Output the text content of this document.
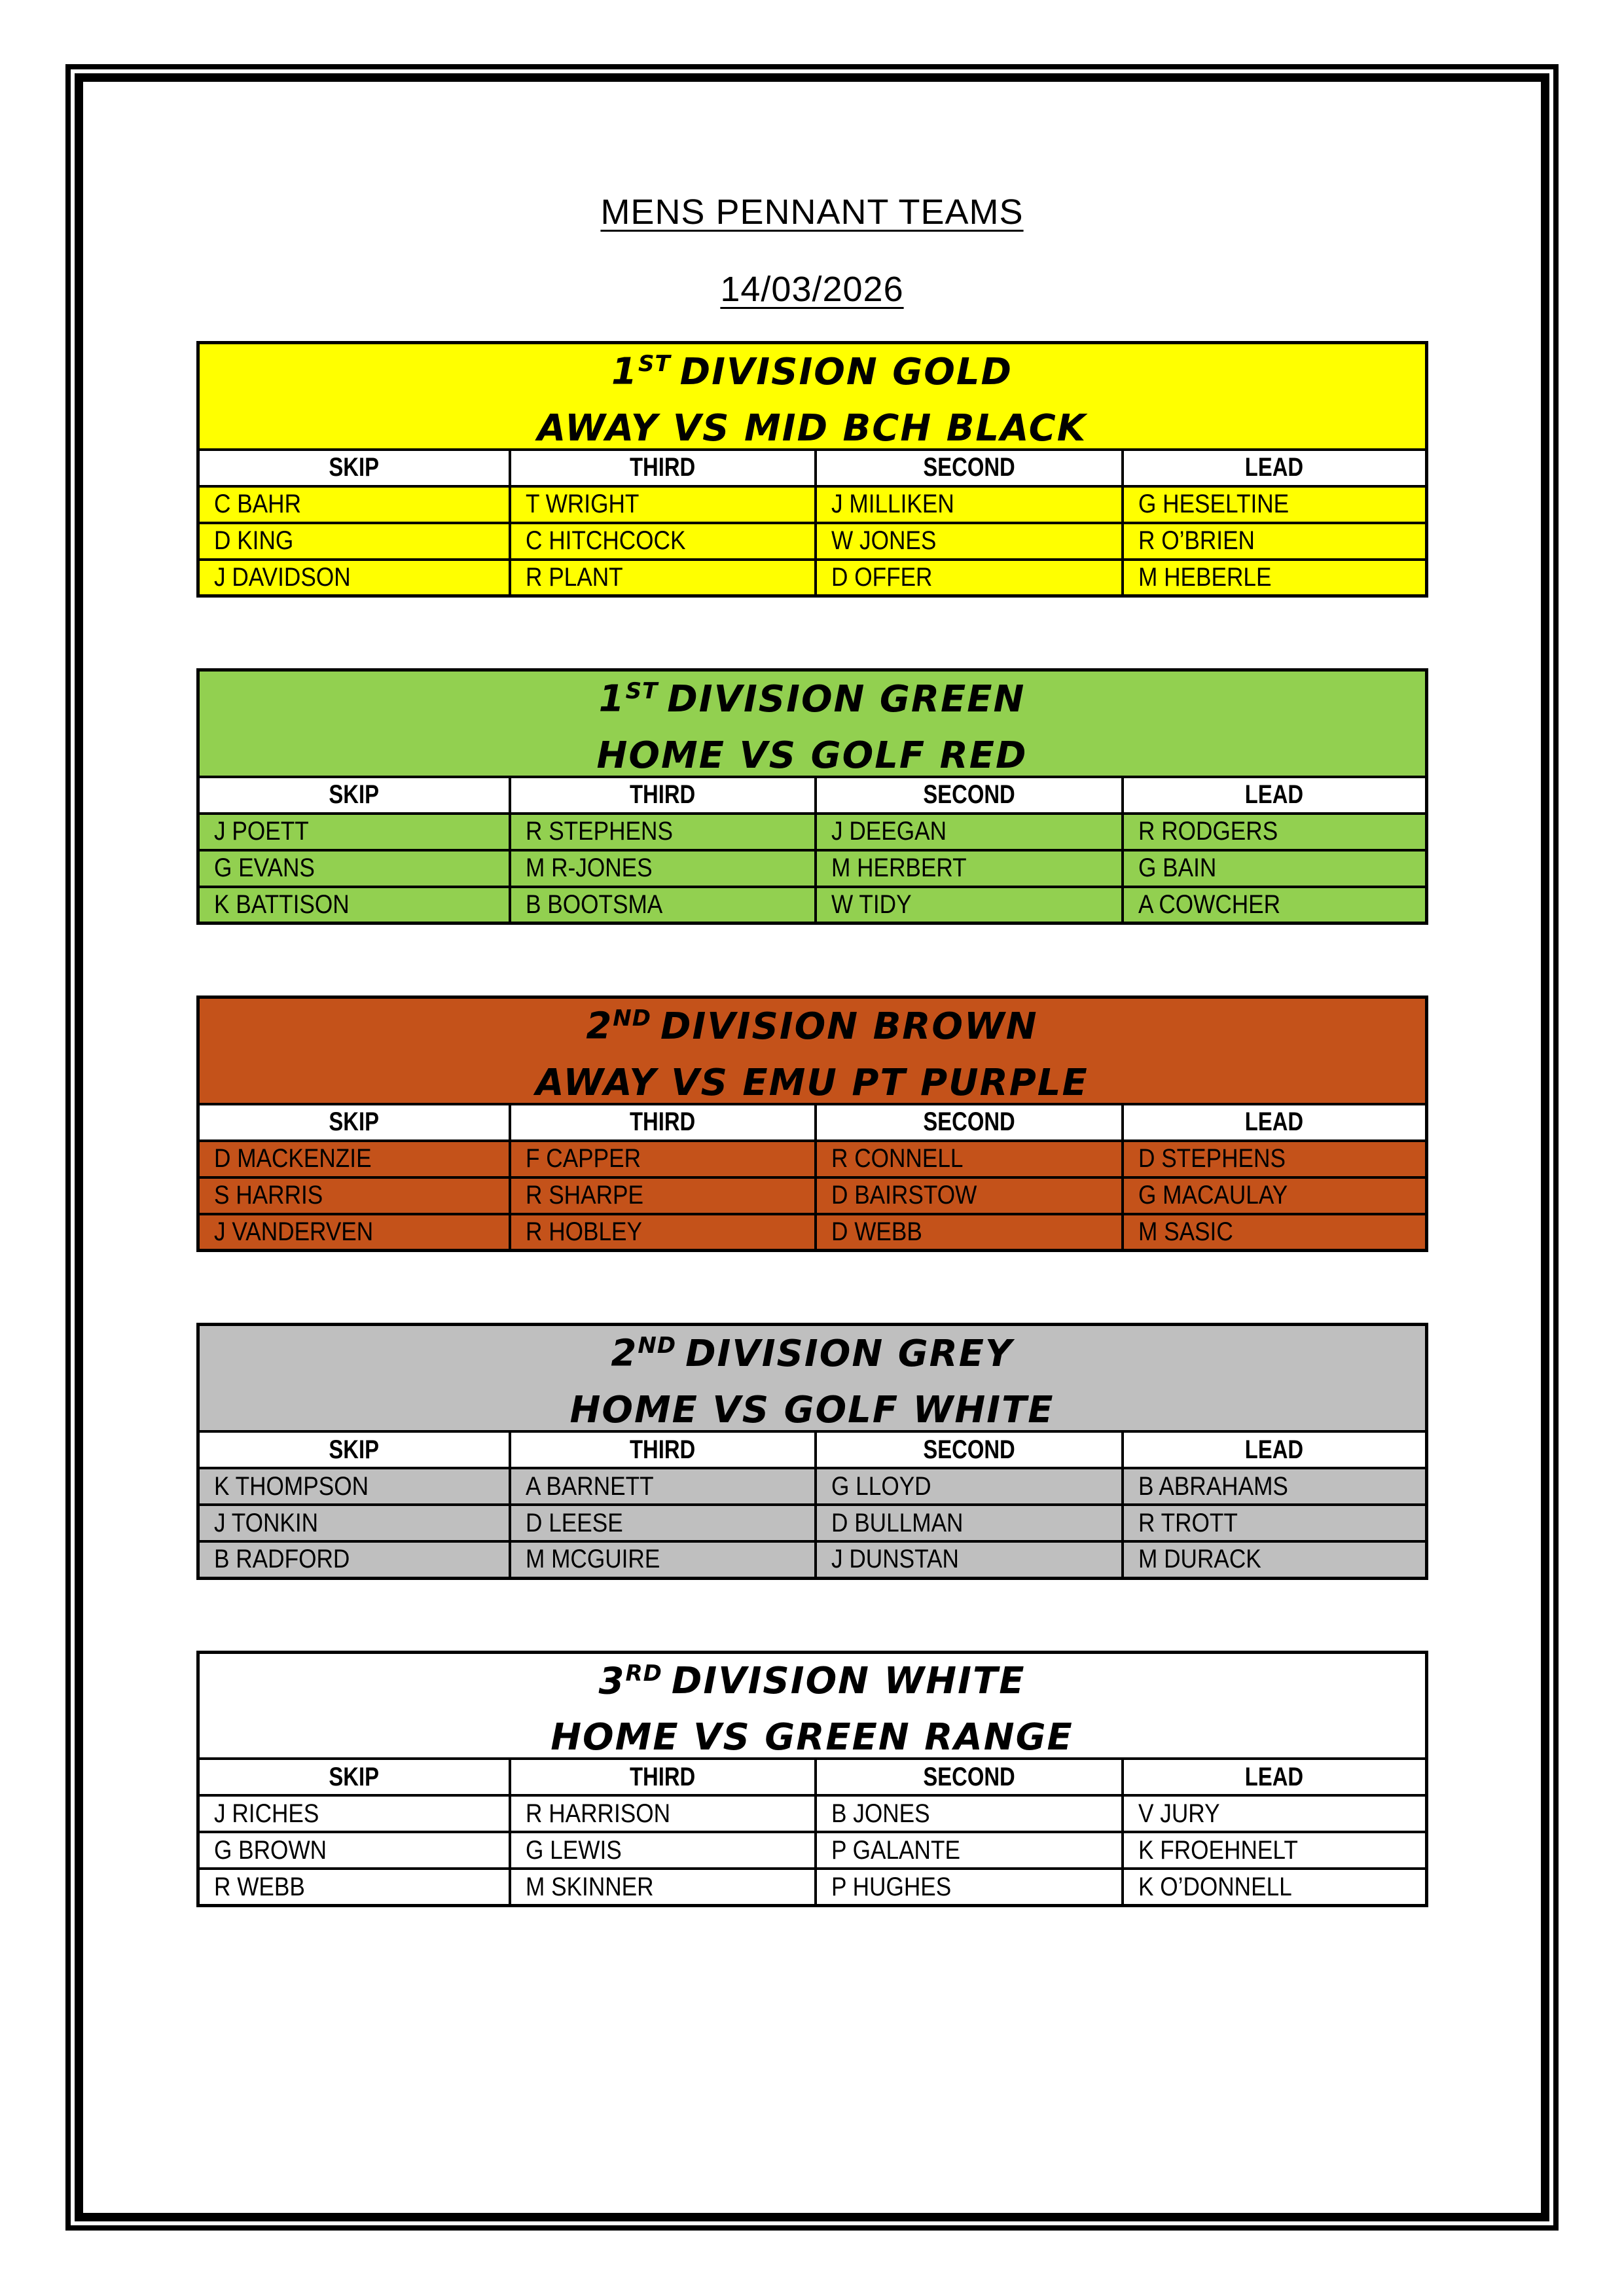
MENS PENNANT TEAMS
14/03/2026
1ST DIVISION GOLD
AWAY VS MID BCH BLACK			

SKIP	THIRD	SECOND	LEAD
C BAHR	T WRIGHT	J MILLIKEN	G HESELTINE
D KING	C HITCHCOCK	W JONES	R O’BRIEN
J DAVIDSON	R PLANT	D OFFER	M HEBERLE
1ST DIVISION GREEN
HOME VS GOLF RED			

SKIP	THIRD	SECOND	LEAD
J POETT	R STEPHENS	J DEEGAN	R RODGERS
G EVANS	M R-JONES	M HERBERT	G BAIN
K BATTISON	B BOOTSMA	W TIDY	A COWCHER
2ND DIVISION BROWN
AWAY VS EMU PT PURPLE			

SKIP	THIRD	SECOND	LEAD
D MACKENZIE	F CAPPER	R CONNELL	D STEPHENS
S HARRIS	R SHARPE	D BAIRSTOW	G MACAULAY
J VANDERVEN	R HOBLEY	D WEBB	M SASIC
2ND DIVISION GREY
HOME VS GOLF WHITE			

SKIP	THIRD	SECOND	LEAD
K THOMPSON	A BARNETT	G LLOYD	B ABRAHAMS
J TONKIN	D LEESE	D BULLMAN	R TROTT
B RADFORD	M MCGUIRE	J DUNSTAN	M DURACK
3RD DIVISION WHITE
HOME VS GREEN RANGE			

SKIP	THIRD	SECOND	LEAD
J RICHES	R HARRISON	B JONES	V JURY
G BROWN	G LEWIS	P GALANTE	K FROEHNELT
R WEBB	M SKINNER	P HUGHES	K O’DONNELL
